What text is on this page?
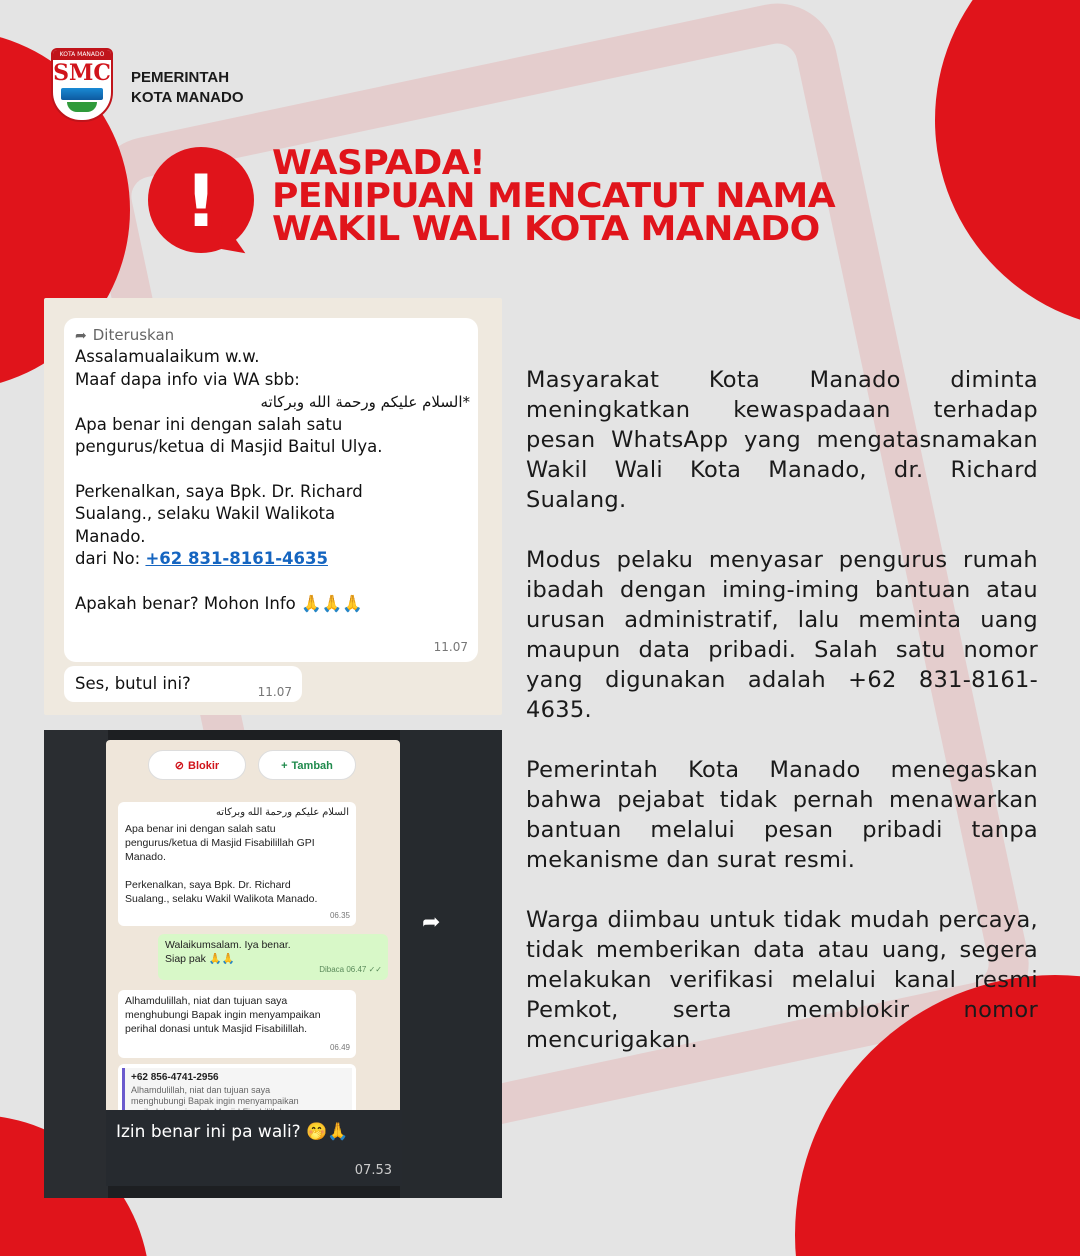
KOTA MANADO
SMC PEMERINTAH
KOTA MANADO
!	WASPADA!
PENIPUAN MENCATUT NAMA
WAKIL WALI KOTA MANADO
➦ Diteruskan
Assalamualaikum w.w.
Maaf dapa info via WA sbb:
*السلام عليكم ورحمة الله وبركاته
Apa benar ini dengan salah satu
pengurus/ketua di Masjid Baitul Ulya.
Perkenalkan, saya Bpk. Dr. Richard
Sualang., selaku Wakil Walikota
Manado.
dari No: +62 831-8161-4635
Apakah benar? Mohon Info 🙏🙏🙏
11.07
Ses, butul ini?	11.07
⊘ Blokir	+ Tambah
السلام عليكم ورحمة الله وبركاته
Apa benar ini dengan salah satu
pengurus/ketua di Masjid Fisabilillah GPI
Manado.
Perkenalkan, saya Bpk. Dr. Richard
Sualang., selaku Wakil Walikota Manado.
06.35
Walaikumsalam. Iya benar.
Siap pak 🙏🙏
Dibaca 06.47 ✓✓
Alhamdulillah, niat dan tujuan saya
menghubungi Bapak ingin menyampaikan
perihal donasi untuk Masjid Fisabilillah.
06.49
+62 856-4741-2956
Alhamdulillah, niat dan tujuan saya
menghubungi Bapak ingin menyampaikan
➦
Izin benar ini pa wali? 🤭🙏
07.53

Masyarakat Kota Manado diminta meningkatkan kewaspadaan terhadap pesan WhatsApp yang mengatasnamakan Wakil Wali Kota Manado, dr. Richard Sualang.

Modus pelaku menyasar pengurus rumah ibadah dengan iming-iming bantuan atau urusan administratif, lalu meminta uang maupun data pribadi. Salah satu nomor yang digunakan adalah +62 831-8161-4635.

Pemerintah Kota Manado menegaskan bahwa pejabat tidak pernah menawarkan bantuan melalui pesan pribadi tanpa mekanisme dan surat resmi.

Warga diimbau untuk tidak mudah percaya, tidak memberikan data atau uang, segera melakukan verifikasi melalui kanal resmi Pemkot, serta memblokir nomor mencurigakan.
